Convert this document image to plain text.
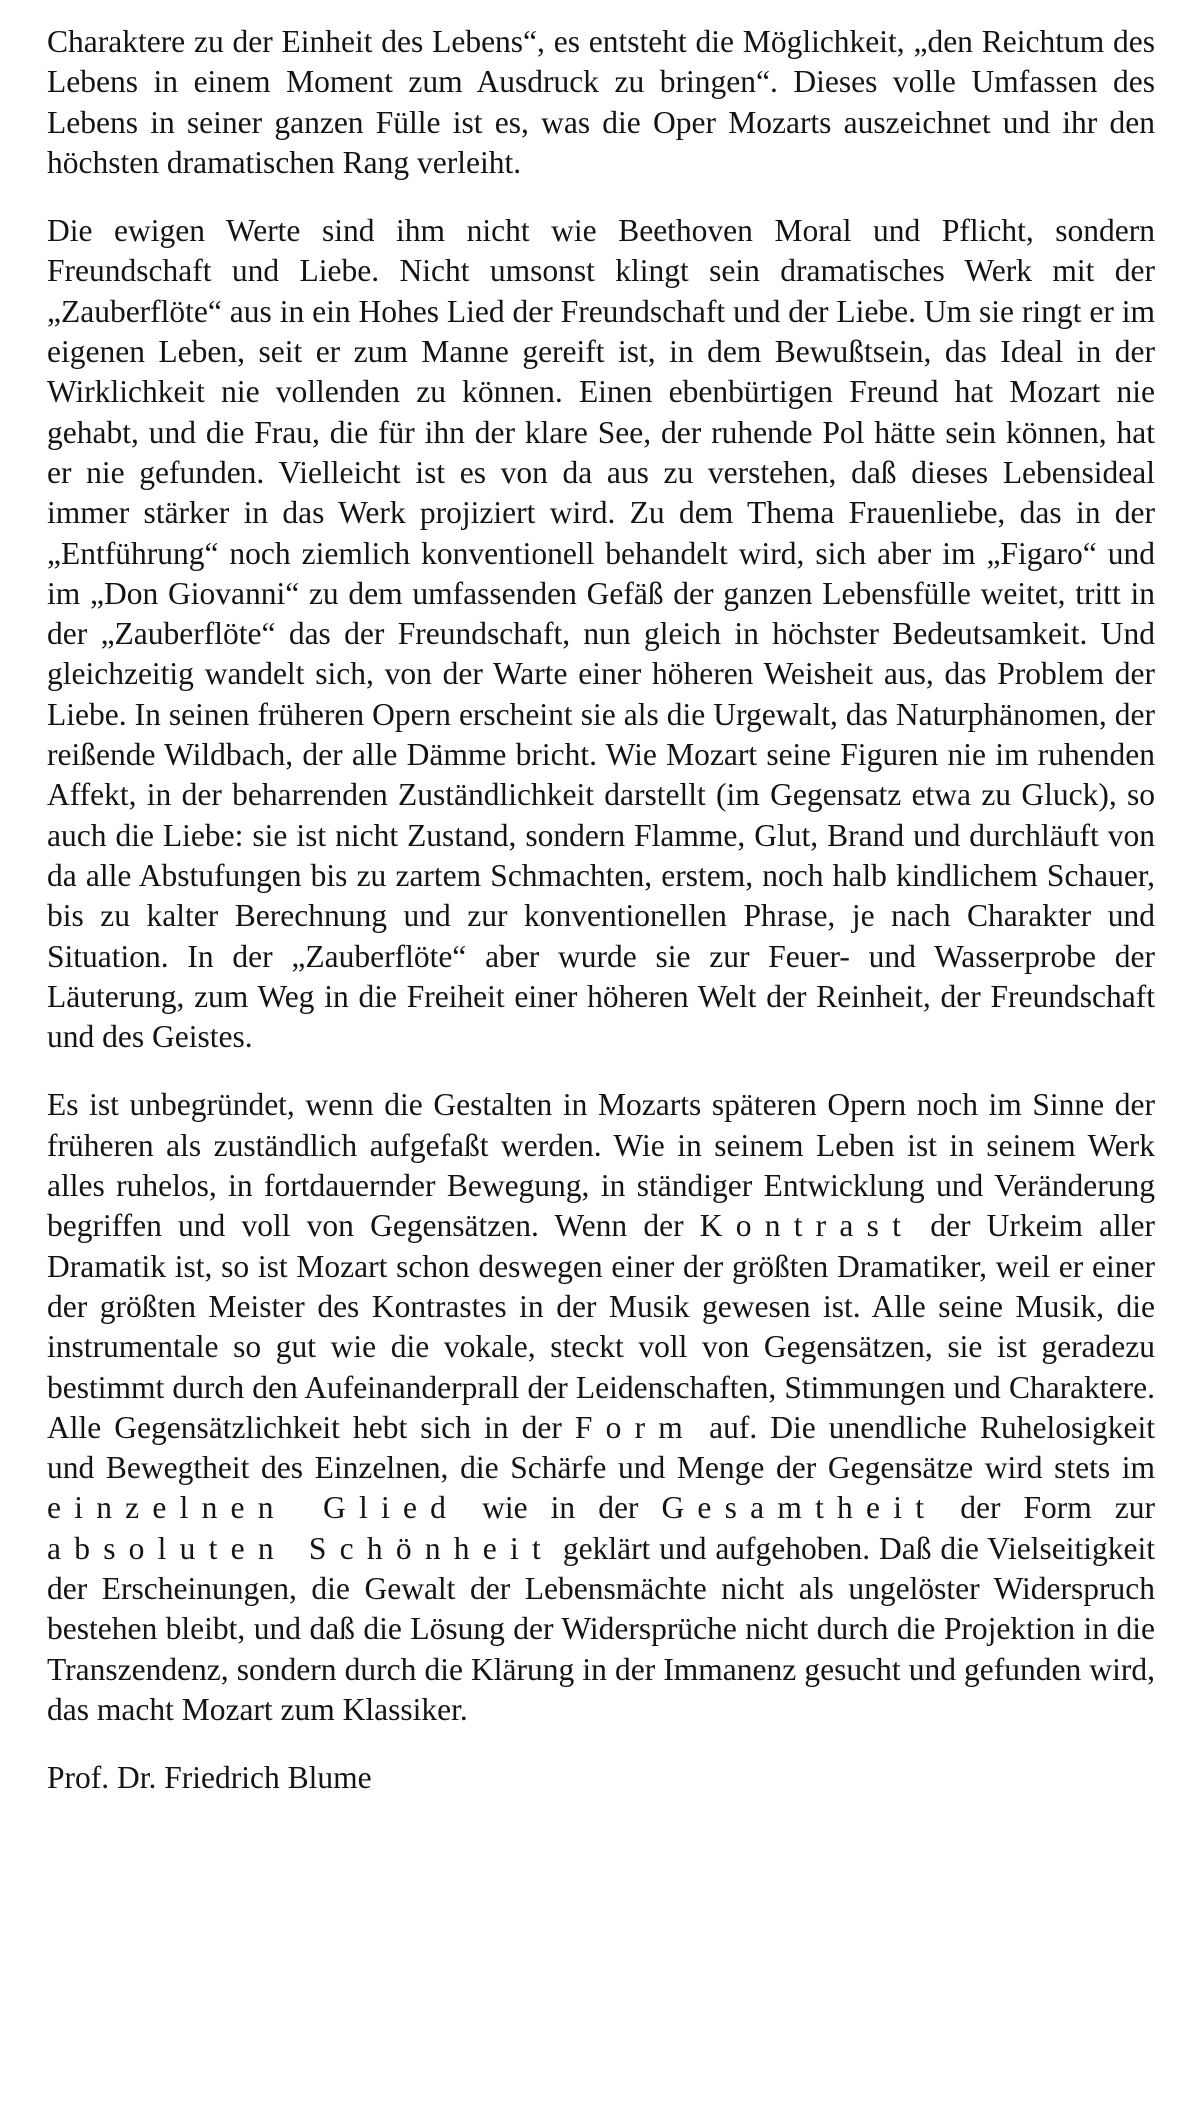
Charaktere zu der Einheit des Lebens“, es entsteht die Möglichkeit, „den Reichtum des Lebens in einem Moment zum Ausdruck zu bringen“. Dieses volle Umfassen des Lebens in seiner ganzen Fülle ist es, was die Oper Mozarts auszeichnet und ihr den höchsten dramatischen Rang verleiht.

Die ewigen Werte sind ihm nicht wie Beethoven Moral und Pflicht, sondern Freundschaft und Liebe. Nicht umsonst klingt sein dramatisches Werk mit der „Zauberflöte“ aus in ein Hohes Lied der Freundschaft und der Liebe. Um sie ringt er im eigenen Leben, seit er zum Manne gereift ist, in dem Bewußtsein, das Ideal in der Wirklichkeit nie vollenden zu können. Einen ebenbürtigen Freund hat Mozart nie gehabt, und die Frau, die für ihn der klare See, der ruhende Pol hätte sein können, hat er nie gefunden. Vielleicht ist es von da aus zu verstehen, daß dieses Lebensideal immer stärker in das Werk projiziert wird. Zu dem Thema Frauenliebe, das in der „Entführung“ noch ziemlich konventionell behandelt wird, sich aber im „Figaro“ und im „Don Giovanni“ zu dem umfassenden Gefäß der ganzen Lebensfülle weitet, tritt in der „Zauberflöte“ das der Freundschaft, nun gleich in höchster Bedeutsamkeit. Und gleichzeitig wandelt sich, von der Warte einer höheren Weisheit aus, das Problem der Liebe. In seinen früheren Opern erscheint sie als die Urgewalt, das Naturphänomen, der reißende Wildbach, der alle Dämme bricht. Wie Mozart seine Figuren nie im ruhenden Affekt, in der beharrenden Zuständlichkeit darstellt (im Gegensatz etwa zu Gluck), so auch die Liebe: sie ist nicht Zustand, sondern Flamme, Glut, Brand und durchläuft von da alle Abstufungen bis zu zartem Schmachten, erstem, noch halb kindlichem Schauer, bis zu kalter Berechnung und zur konventionellen Phrase, je nach Charakter und Situation. In der „Zauberflöte“ aber wurde sie zur Feuer- und Wasserprobe der Läuterung, zum Weg in die Freiheit einer höheren Welt der Reinheit, der Freundschaft und des Geistes.

Es ist unbegründet, wenn die Gestalten in Mozarts späteren Opern noch im Sinne der früheren als zuständlich aufgefaßt werden. Wie in seinem Leben ist in seinem Werk alles ruhelos, in fortdauernder Bewegung, in ständiger Entwicklung und Veränderung begriffen und voll von Gegensätzen. Wenn der Kontrast der Urkeim aller Dramatik ist, so ist Mozart schon deswegen einer der größten Dramatiker, weil er einer der größten Meister des Kontrastes in der Musik gewesen ist. Alle seine Musik, die instrumentale so gut wie die vokale, steckt voll von Gegensätzen, sie ist geradezu bestimmt durch den Aufeinanderprall der Leidenschaften, Stimmungen und Charaktere. Alle Gegensätzlichkeit hebt sich in der Form auf. Die unendliche Ruhelosigkeit und Bewegtheit des Einzelnen, die Schärfe und Menge der Gegensätze wird stets im einzelnen Glied wie in der Gesamtheit der Form zur absoluten Schönheit geklärt und aufgehoben. Daß die Vielseitigkeit der Erscheinungen, die Gewalt der Lebensmächte nicht als ungelöster Widerspruch bestehen bleibt, und daß die Lösung der Widersprüche nicht durch die Projektion in die Transzendenz, sondern durch die Klärung in der Immanenz gesucht und gefunden wird, das macht Mozart zum Klassiker.

Prof. Dr. Friedrich Blume
